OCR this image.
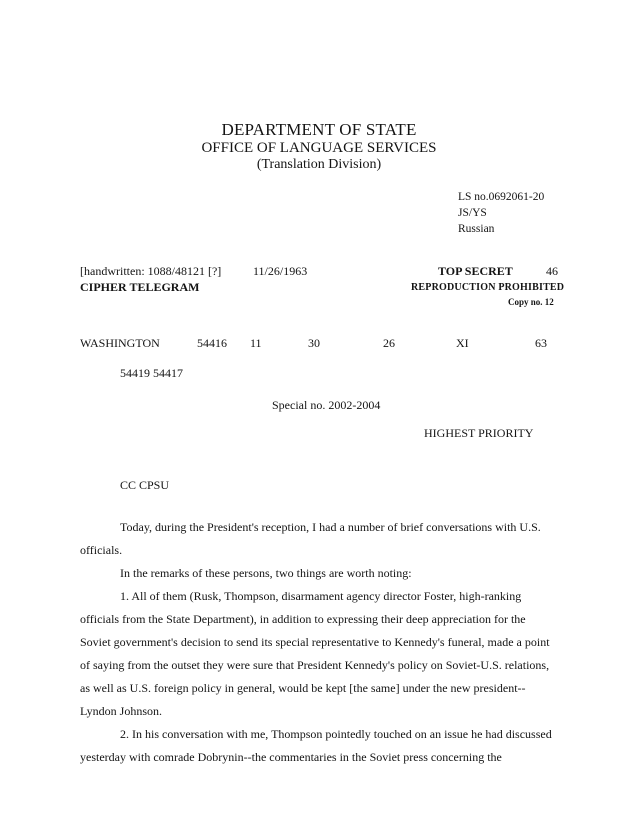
DEPARTMENT OF STATE
OFFICE OF LANGUAGE SERVICES
(Translation Division)
LS no.0692061-20
JS/YS
Russian
[handwritten: 1088/48121 [?]	11/26/1963
CIPHER TELEGRAM
TOP SECRET	46
REPRODUCTION PROHIBITED
Copy no. 12
WASHINGTON	54416 11	30	26	XI	63
54419 54417
Special no. 2002-2004
HIGHEST PRIORITY
CC CPSU
Today, during the President's reception, I had a number of brief conversations with U.S.
officials.
In the remarks of these persons, two things are worth noting:
1. All of them (Rusk, Thompson, disarmament agency director Foster, high-ranking
officials from the State Department), in addition to expressing their deep appreciation for the
Soviet government's decision to send its special representative to Kennedy's funeral, made a point
of saying from the outset they were sure that President Kennedy's policy on Soviet-U.S. relations,
as well as U.S. foreign policy in general, would be kept [the same] under the new president--
Lyndon Johnson.
2. In his conversation with me, Thompson pointedly touched on an issue he had discussed
yesterday with comrade Dobrynin--the commentaries in the Soviet press concerning the
